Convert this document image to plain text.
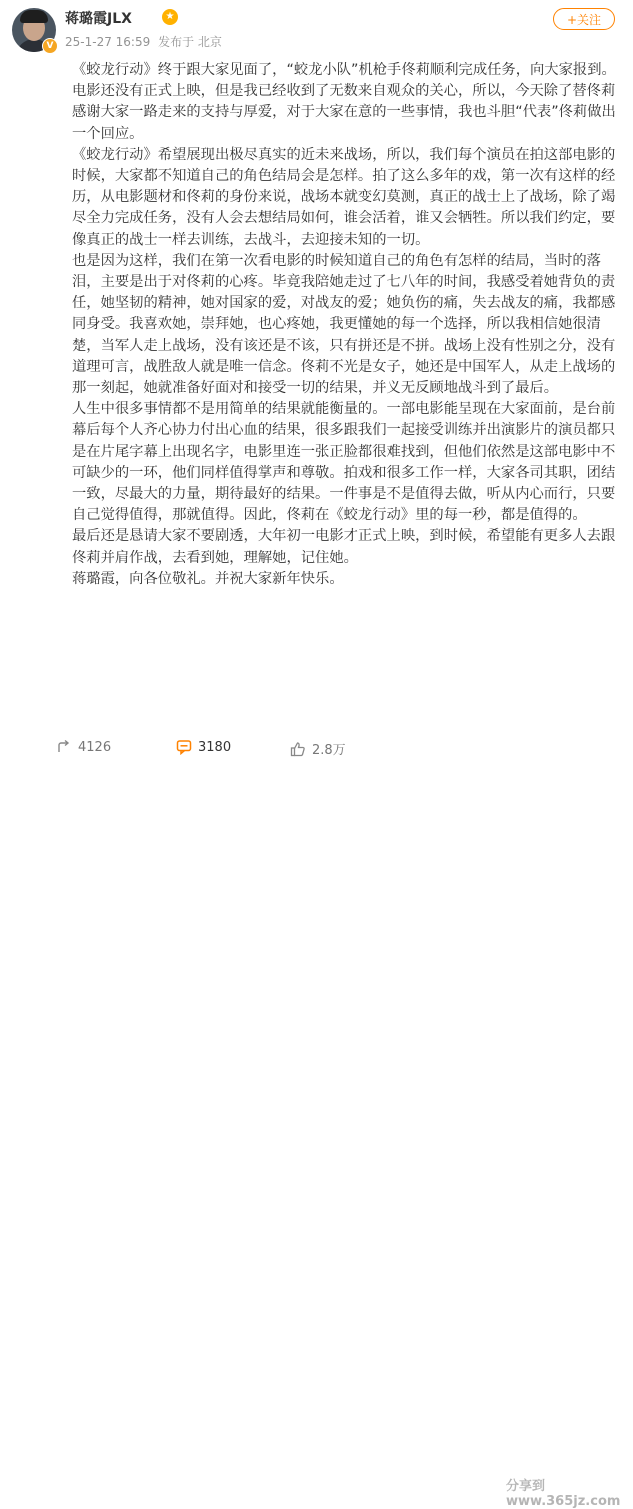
V
蒋璐霞JLX	★
25-1-27 16:59 发布于 北京
+关注

《蛟龙行动》终于跟大家见面了，“蛟龙小队”机枪手佟莉顺利完成任务，向大家报到。

电影还没有正式上映，但是我已经收到了无数来自观众的关心，所以，今天除了替佟莉感谢大家一路走来的支持与厚爱，对于大家在意的一些事情，我也斗胆“代表”佟莉做出一个回应。

《蛟龙行动》希望展现出极尽真实的近未来战场，所以，我们每个演员在拍这部电影的时候，大家都不知道自己的角色结局会是怎样。拍了这么多年的戏，第一次有这样的经历，从电影题材和佟莉的身份来说，战场本就变幻莫测，真正的战士上了战场，除了竭尽全力完成任务，没有人会去想结局如何，谁会活着，谁又会牺牲。所以我们约定，要像真正的战士一样去训练，去战斗，去迎接未知的一切。

也是因为这样，我们在第一次看电影的时候知道自己的角色有怎样的结局，当时的落泪，主要是出于对佟莉的心疼。毕竟我陪她走过了七八年的时间，我感受着她背负的责任，她坚韧的精神，她对国家的爱，对战友的爱；她负伤的痛，失去战友的痛，我都感同身受。我喜欢她，崇拜她，也心疼她，我更懂她的每一个选择，所以我相信她很清楚，当军人走上战场，没有该还是不该，只有拼还是不拼。战场上没有性别之分，没有道理可言，战胜敌人就是唯一信念。佟莉不光是女子，她还是中国军人，从走上战场的那一刻起，她就准备好面对和接受一切的结果，并义无反顾地战斗到了最后。

人生中很多事情都不是用简单的结果就能衡量的。一部电影能呈现在大家面前，是台前幕后每个人齐心协力付出心血的结果，很多跟我们一起接受训练并出演影片的演员都只是在片尾字幕上出现名字，电影里连一张正脸都很难找到，但他们依然是这部电影中不可缺少的一环，他们同样值得掌声和尊敬。拍戏和很多工作一样，大家各司其职，团结一致，尽最大的力量，期待最好的结果。一件事是不是值得去做，听从内心而行，只要自己觉得值得，那就值得。因此，佟莉在《蛟龙行动》里的每一秒，都是值得的。

最后还是恳请大家不要剧透，大年初一电影才正式上映，到时候，希望能有更多人去跟佟莉并肩作战，去看到她，理解她，记住她。

蒋璐霞，向各位敬礼。并祝大家新年快乐。

4126	3180	2.8万
分享到 www.365jz.com
